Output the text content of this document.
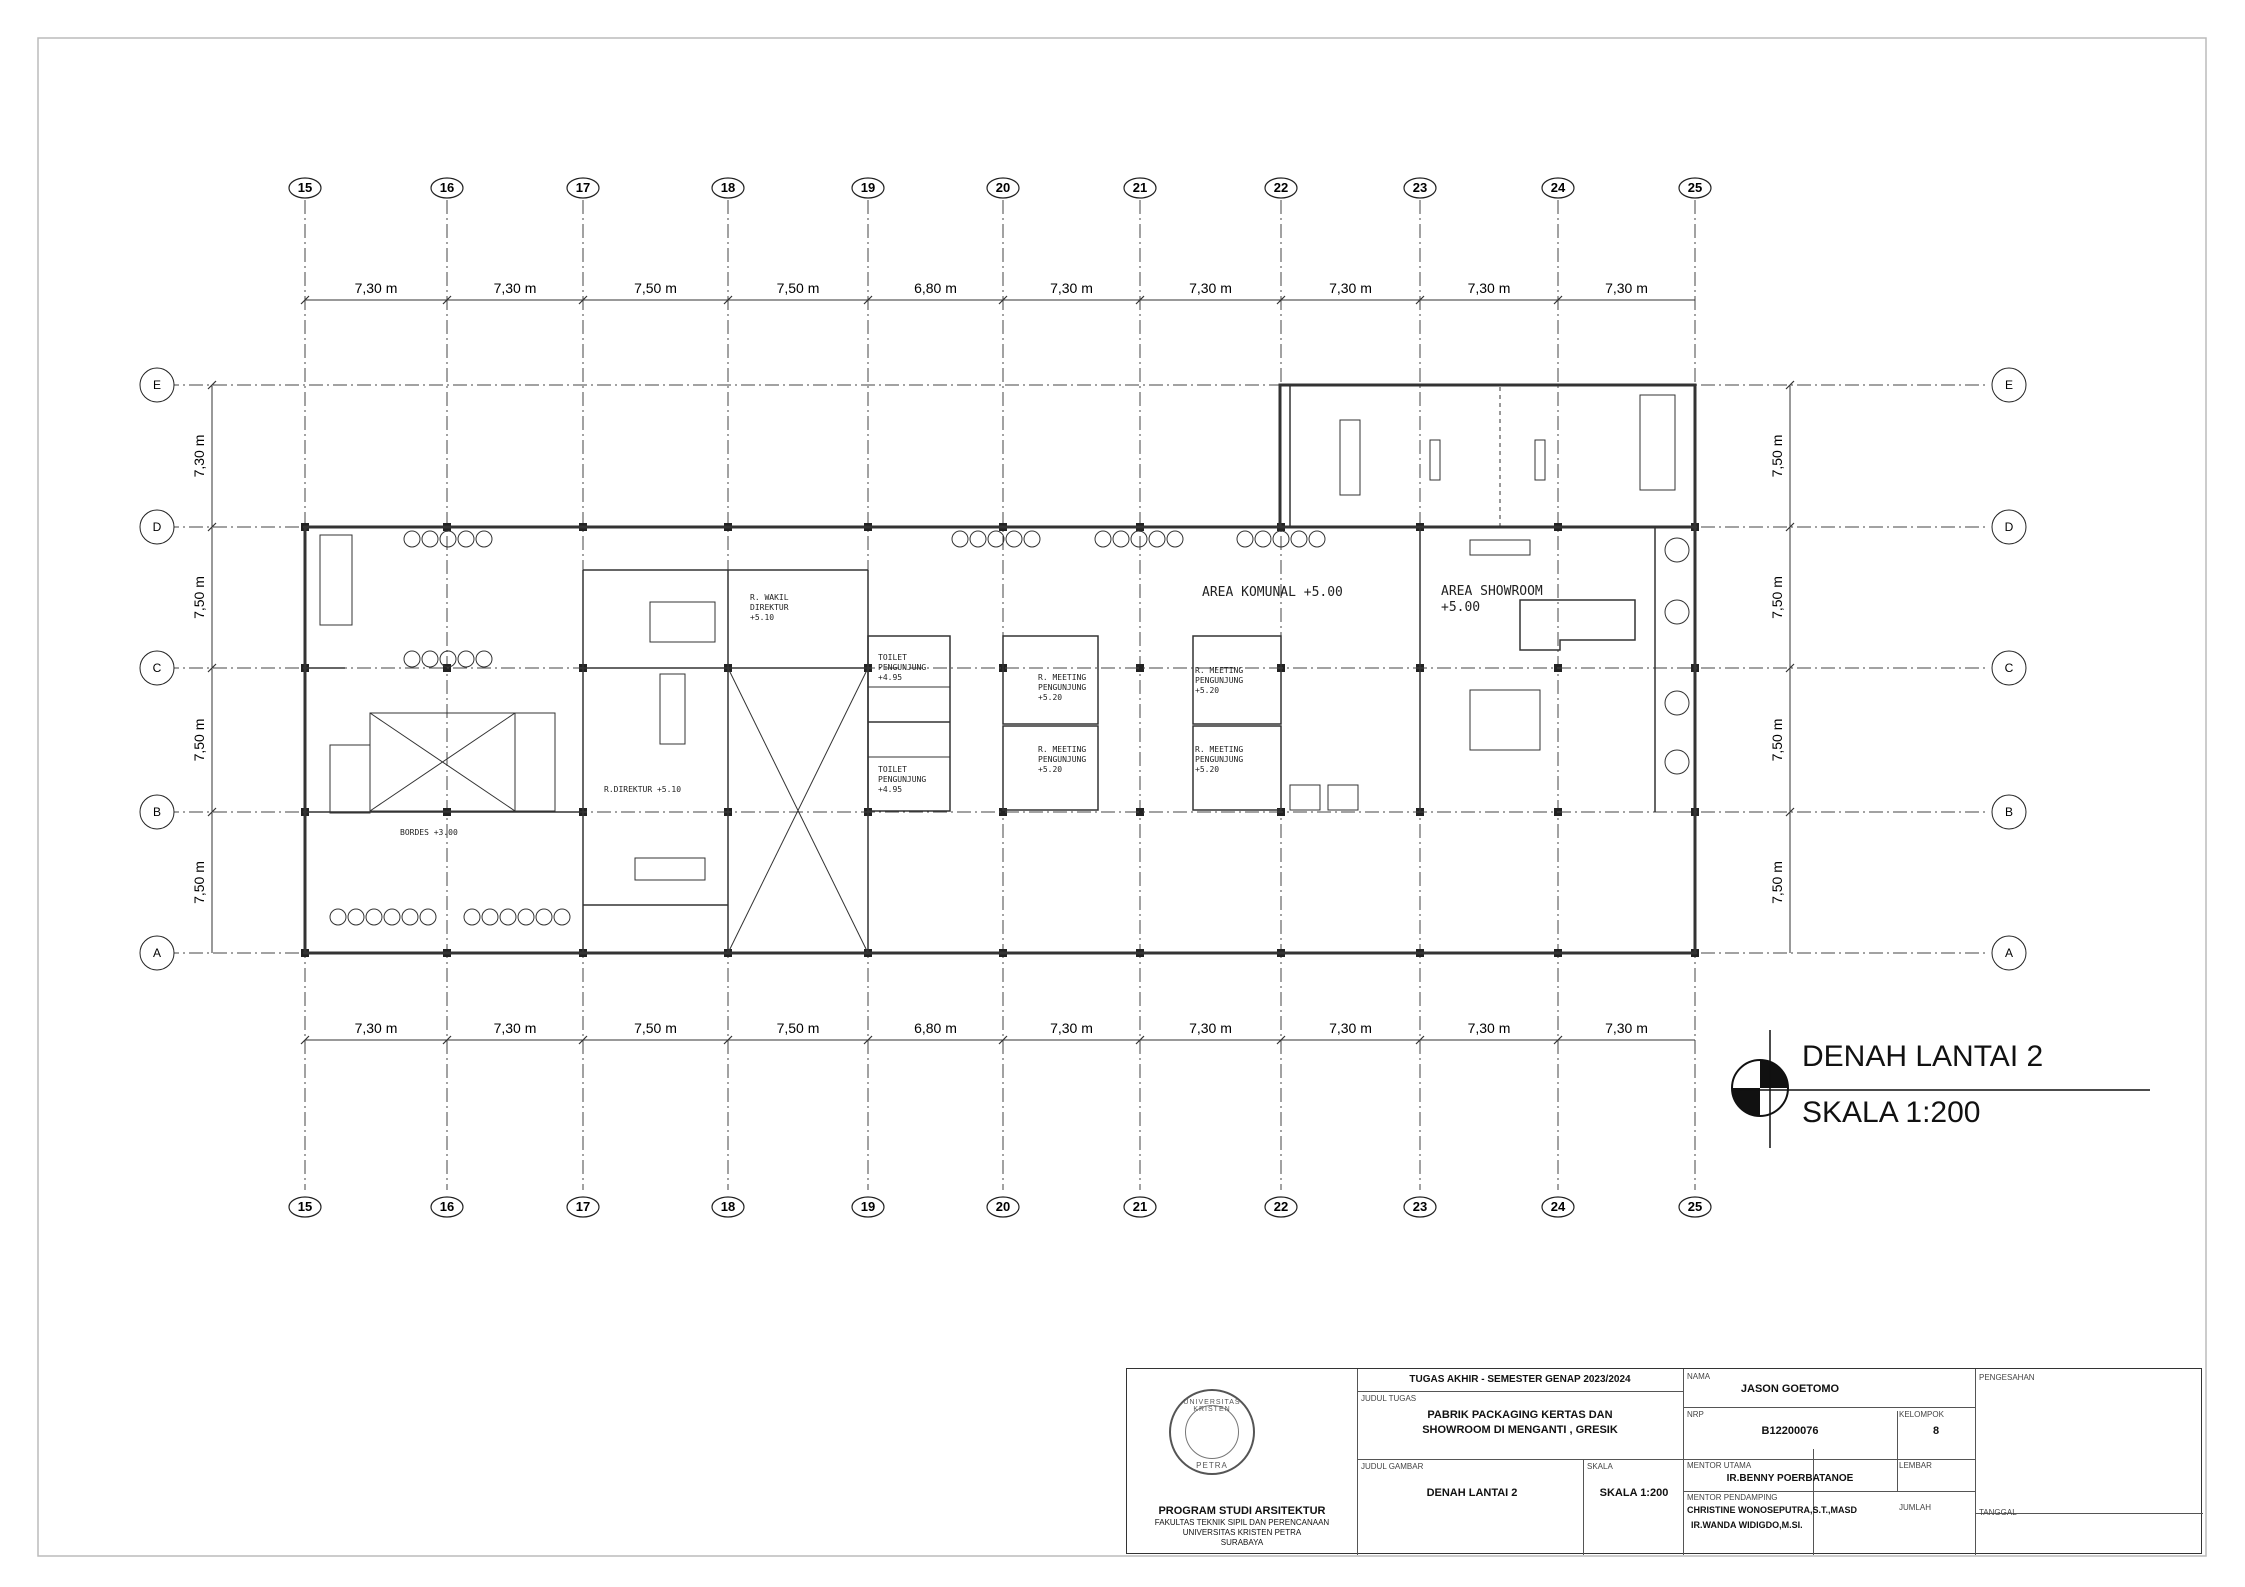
15
15
16
16
17
17
18
18
19
19
20
20
21
21
22
22
23
23
24
24
25
25
E	E
D	D
C	C
B	B
A	A
7,30 m	7,30 m	7,50 m	7,50 m	6,80 m	7,30 m	7,30 m	7,30 m	7,30 m	7,30 m
7,30 m	7,30 m	7,50 m	7,50 m	6,80 m	7,30 m	7,30 m	7,30 m	7,30 m	7,30 m
7,30 m
7,50 m
7,50 m
7,50 m
7,50 m
7,50 m
7,50 m
7,50 m
R. WAKIL
DIREKTUR
+5.10
R.DIREKTUR +5.10
BORDES +3.00
TOILET
PENGUNJUNG
+4.95
TOILET
PENGUNJUNG
+4.95
R. MEETING
PENGUNJUNG
+5.20
R. MEETING
PENGUNJUNG
+5.20
R. MEETING
PENGUNJUNG
+5.20
R. MEETING
PENGUNJUNG
+5.20
AREA KOMUNAL +5.00	AREA SHOWROOM
+5.00
DENAH LANTAI 2
SKALA 1:200
UNIVERSITAS KRISTEN
PETRA
PROGRAM STUDI ARSITEKTUR
FAKULTAS TEKNIK SIPIL DAN PERENCANAAN
UNIVERSITAS KRISTEN PETRA
SURABAYA
TUGAS AKHIR - SEMESTER GENAP 2023/2024
JUDUL TUGAS
PABRIK PACKAGING KERTAS DAN
SHOWROOM DI MENGANTI , GRESIK
JUDUL GAMBAR
DENAH LANTAI 2
SKALA
SKALA 1:200
NAMA
JASON GOETOMO
NRP
B12200076
KELOMPOK
8
MENTOR UTAMA
IR.BENNY POERBATANOE
LEMBAR
MENTOR PENDAMPING
CHRISTINE WONOSEPUTRA,S.T.,MASD
IR.WANDA WIDIGDO,M.SI.
JUMLAH
PENGESAHAN
TANGGAL
